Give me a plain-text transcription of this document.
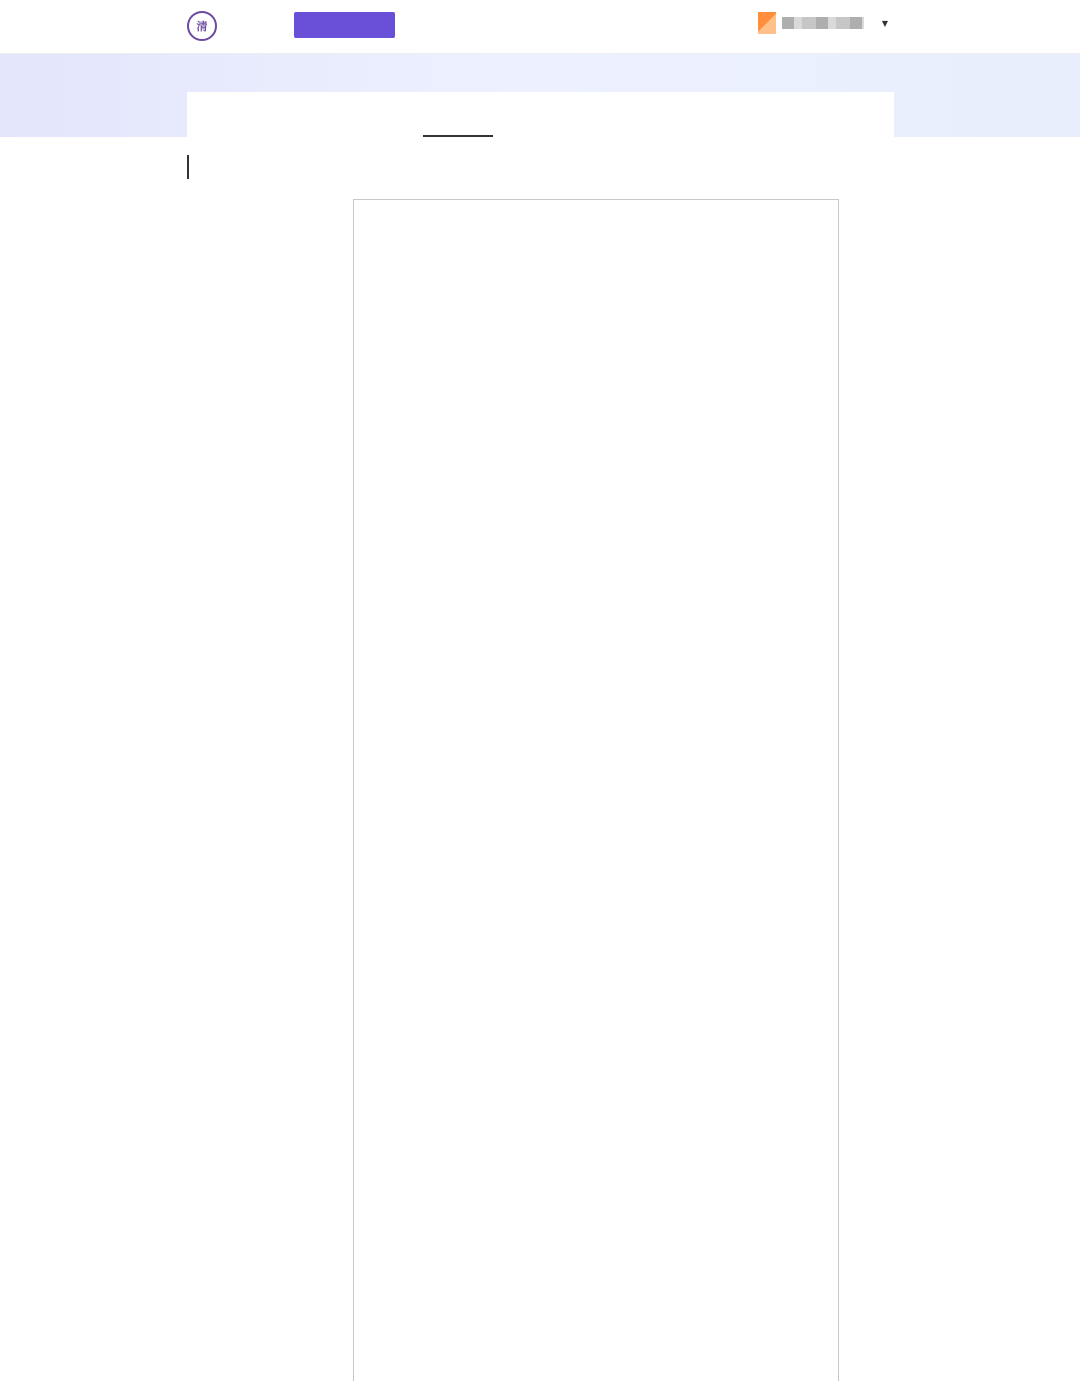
清	▼
